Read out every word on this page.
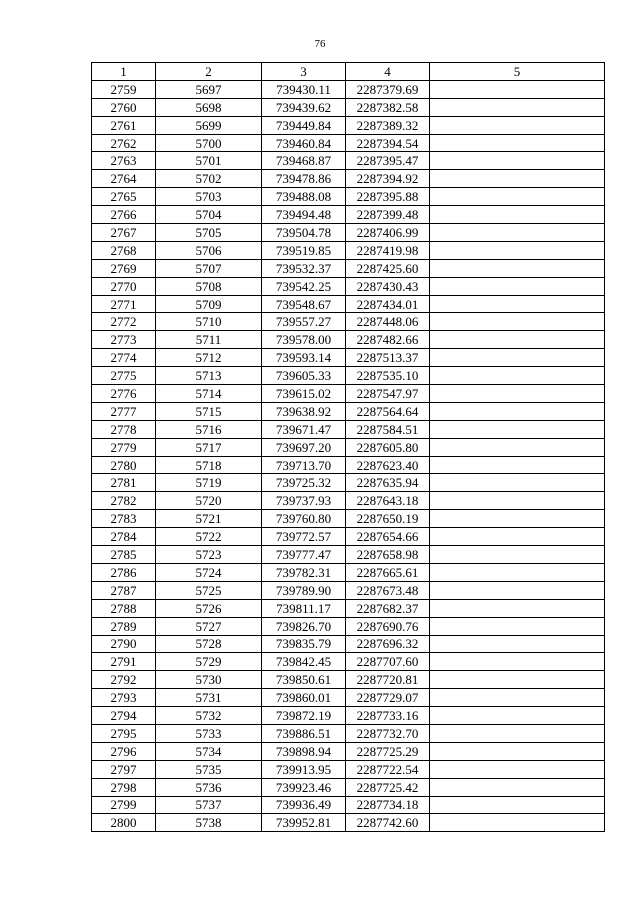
76
1	2	3	4	5
2759	5697	739430.11	2287379.69	
2760	5698	739439.62	2287382.58	
2761	5699	739449.84	2287389.32	
2762	5700	739460.84	2287394.54	
2763	5701	739468.87	2287395.47	
2764	5702	739478.86	2287394.92	
2765	5703	739488.08	2287395.88	
2766	5704	739494.48	2287399.48	
2767	5705	739504.78	2287406.99	
2768	5706	739519.85	2287419.98	
2769	5707	739532.37	2287425.60	
2770	5708	739542.25	2287430.43	
2771	5709	739548.67	2287434.01	
2772	5710	739557.27	2287448.06	
2773	5711	739578.00	2287482.66	
2774	5712	739593.14	2287513.37	
2775	5713	739605.33	2287535.10	
2776	5714	739615.02	2287547.97	
2777	5715	739638.92	2287564.64	
2778	5716	739671.47	2287584.51	
2779	5717	739697.20	2287605.80	
2780	5718	739713.70	2287623.40	
2781	5719	739725.32	2287635.94	
2782	5720	739737.93	2287643.18	
2783	5721	739760.80	2287650.19	
2784	5722	739772.57	2287654.66	
2785	5723	739777.47	2287658.98	
2786	5724	739782.31	2287665.61	
2787	5725	739789.90	2287673.48	
2788	5726	739811.17	2287682.37	
2789	5727	739826.70	2287690.76	
2790	5728	739835.79	2287696.32	
2791	5729	739842.45	2287707.60	
2792	5730	739850.61	2287720.81	
2793	5731	739860.01	2287729.07	
2794	5732	739872.19	2287733.16	
2795	5733	739886.51	2287732.70	
2796	5734	739898.94	2287725.29	
2797	5735	739913.95	2287722.54	
2798	5736	739923.46	2287725.42	
2799	5737	739936.49	2287734.18	
2800	5738	739952.81	2287742.60	
